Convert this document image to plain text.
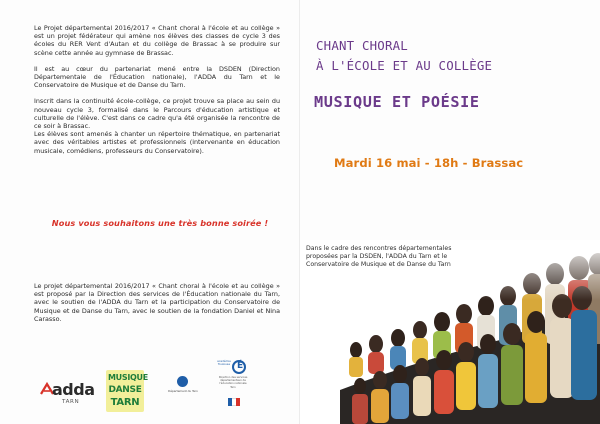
Le Projet départemental 2016/2017 « Chant choral à l'école et au collège » est un projet fédérateur qui amène nos élèves des classes de cycle 3 des écoles du RER Vent d'Autan et du collège de Brassac à se produire sur scène cette année au gymnase de Brassac.

Il est au cœur du partenariat mené entre la DSDEN (Direction Départementale de l'Éducation nationale), l'ADDA du Tarn et le Conservatoire de Musique et de Danse du Tarn.

Inscrit dans la continuité école-collège, ce projet trouve sa place au sein du nouveau cycle 3, formalisé dans le Parcours d'éducation artistique et culturelle de l'élève. C'est dans ce cadre qu'a été organisée la rencontre de ce soir à Brassac.

Les élèves sont amenés à chanter un répertoire thématique, en partenariat avec des véritables artistes et professionnels (intervenante en éducation musicale, comédiens, professeurs du Conservatoire).

Nous vous souhaitons une très bonne soirée !
Le projet départemental 2016/2017 « Chant choral à l'école et au collège » est proposé par la Direction des services de l'Éducation nationale du Tarn, avec le soutien de l'ADDA du Tarn et la participation du Conservatoire de Musique et de Danse du Tarn, avec le soutien de la fondation Daniel et Nina Carasso.
adda
TARN
MUSIQUE
DANSE
TARN
Département du Tarn
académie Toulouse É
Direction des services départementaux de l'éducation nationale Tarn
CHANT CHORAL
À L'ÉCOLE ET AU COLLÈGE
MUSIQUE ET POÉSIE
Mardi 16 mai - 18h - Brassac
Dans le cadre des rencontres départementales proposées par la DSDEN, l'ADDA du Tarn et le Conservatoire de Musique et de Danse du Tarn
